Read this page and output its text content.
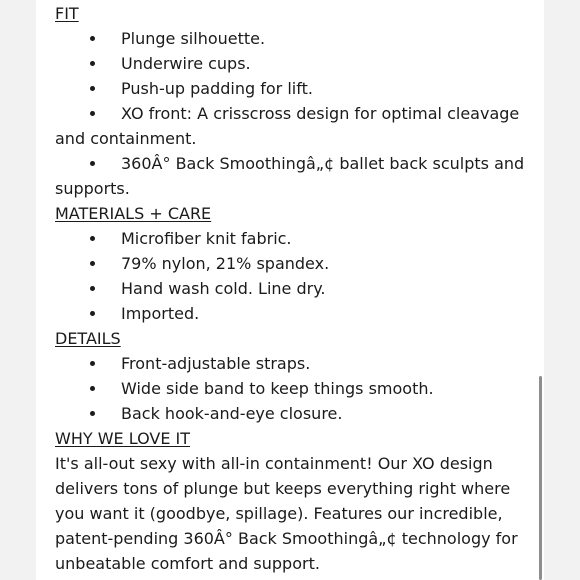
FIT
Plunge silhouette.
Underwire cups.
Push-up padding for lift.
XO front: A crisscross design for optimal cleavage and containment.
360Â° Back Smoothingâ„¢ ballet back sculpts and supports.
MATERIALS + CARE
Microfiber knit fabric.
79% nylon, 21% spandex.
Hand wash cold. Line dry.
Imported.
DETAILS
Front-adjustable straps.
Wide side band to keep things smooth.
Back hook-and-eye closure.
WHY WE LOVE IT

It's all-out sexy with all-in containment! Our XO design delivers tons of plunge but keeps everything right where you want it (goodbye, spillage). Features our incredible, patent-pending 360Â° Back Smoothingâ„¢ technology for unbeatable comfort and support.
